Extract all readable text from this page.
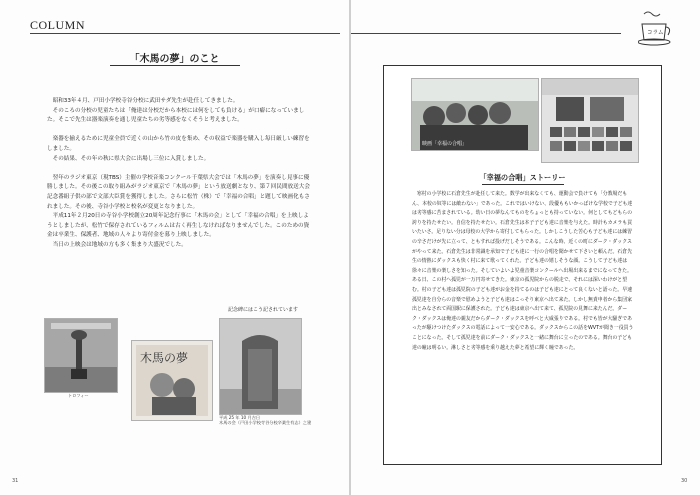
COLUMN
「木馬の夢」のこと

昭和33年４月、戸田小学校寺谷分校に武田サダ先生が赴任してきました。

そのころの分校の児童たちは「俺達は分校だから本校には何をしても負ける」が口癖になっていました。そこで先生は器楽演奏を通し児童たちの劣等感をなくそうと考えました。

楽器を揃えるために児童全員で近くの山から竹の皮を集め、その収益で楽器を購入し毎日厳しい練習をしました。

その結果、その年の秋に県大会に出場し三位に入賞しました。

翌年のラジオ東京（現TBS）主催の学校音楽コンクール千葉県大会では「木馬の夢」を演奏し見事に優勝しました。その後この取り組みがラジオ東京で「木馬の夢」という放送劇となり、第７回民間放送大会記念番組子供の部で文部大臣賞を獲得しました。さらに松竹（株）で「幸福の合唱」と題して映画化もされました。その後、寺谷小学校と校名が変更となりました。

平成11年２月20日の寺谷小学校創立20周年記念行事に「木馬の会」として「幸福の合唱」を上映しようとしましたが、松竹で保存されているフィルムは古く再生しなければなりませんでした。このための資金は卒業生、保護者、地域の人々より寄付金を募り上映しました。

当日の上映会は地域の方も多く集まり大盛況でした。

記念碑にはこう記されています
トロフィー
木馬の夢
平成 25 年 10 月吉日
木馬の会（戸田小学校寺谷分校卒業生有志）之建
31
コラム
映画「幸福の合唱」
「幸福の合唱」ストーリー

寒村の小学校に石倉先生が赴任して来た。数学が出来なくても、運動会で負けても「分教場だもん、本校の奴等には敵わない」であった。これではいけない、段優ももいかっぱけな学校で子ども達は劣等感に苦まされている。幼い日の夢なんてものをちょっとも持っていない。何としてもどもらの誇りを持たせたい。自信を持たせたい。石倉先生は本子子ども達に音楽を与えた。時計もカメラも買いたいさ。足りない分は母校の大学から寄付してもらった。しかしこうした苦心も子ども達には練習の辛さだけが先に立って、ともすれば投げだしそうである。こんな時、近くの町にダーク・ダックスがやって来た。石倉先生は非常識を承知で子ども達に一行の合唱を聞かせて下さいと頼んだ。石倉先生の情熱にダックスも快く村に来て歌ってくれた。子ども達の嬉しそうな顔。こうして子ども達は徐々に音楽の楽しさを知った。そしていよいよ児童音楽コンクールへ出場出来るまでになってきた。ある日、この村へ孤児が一万円寄せてきた。東京の孤児院からの脱走で、それには深いわけがと望む。村の子ども達は孤児院の子ども達がお金を持てるのは子ども達にとって良くないと語った。早速孤児達を自分らの音楽で慰めようと子ども達はこっそり東京へ出て来た。しかし無責申者から集団家出とみなされて両国駅に保護された。子ども達は東京へ出て来て、孤児院の見舞に来たんだ。ダーク・ダックスは俺達の親友だからダーク・ダックスを呼べと大威張りである。村でも皆が大騒ぎであったが駆けつけたダックスの電話によって一安心である。ダックスからこの話をWVTが聞き一役買うことになった。そして孤児達を前にダーク・ダックスと一緒に舞台に立ったのである。舞台の子ども達の瞳は明るい。淋しさと劣等感を乗り越えた夢と希望に輝く瞳であった。

30
